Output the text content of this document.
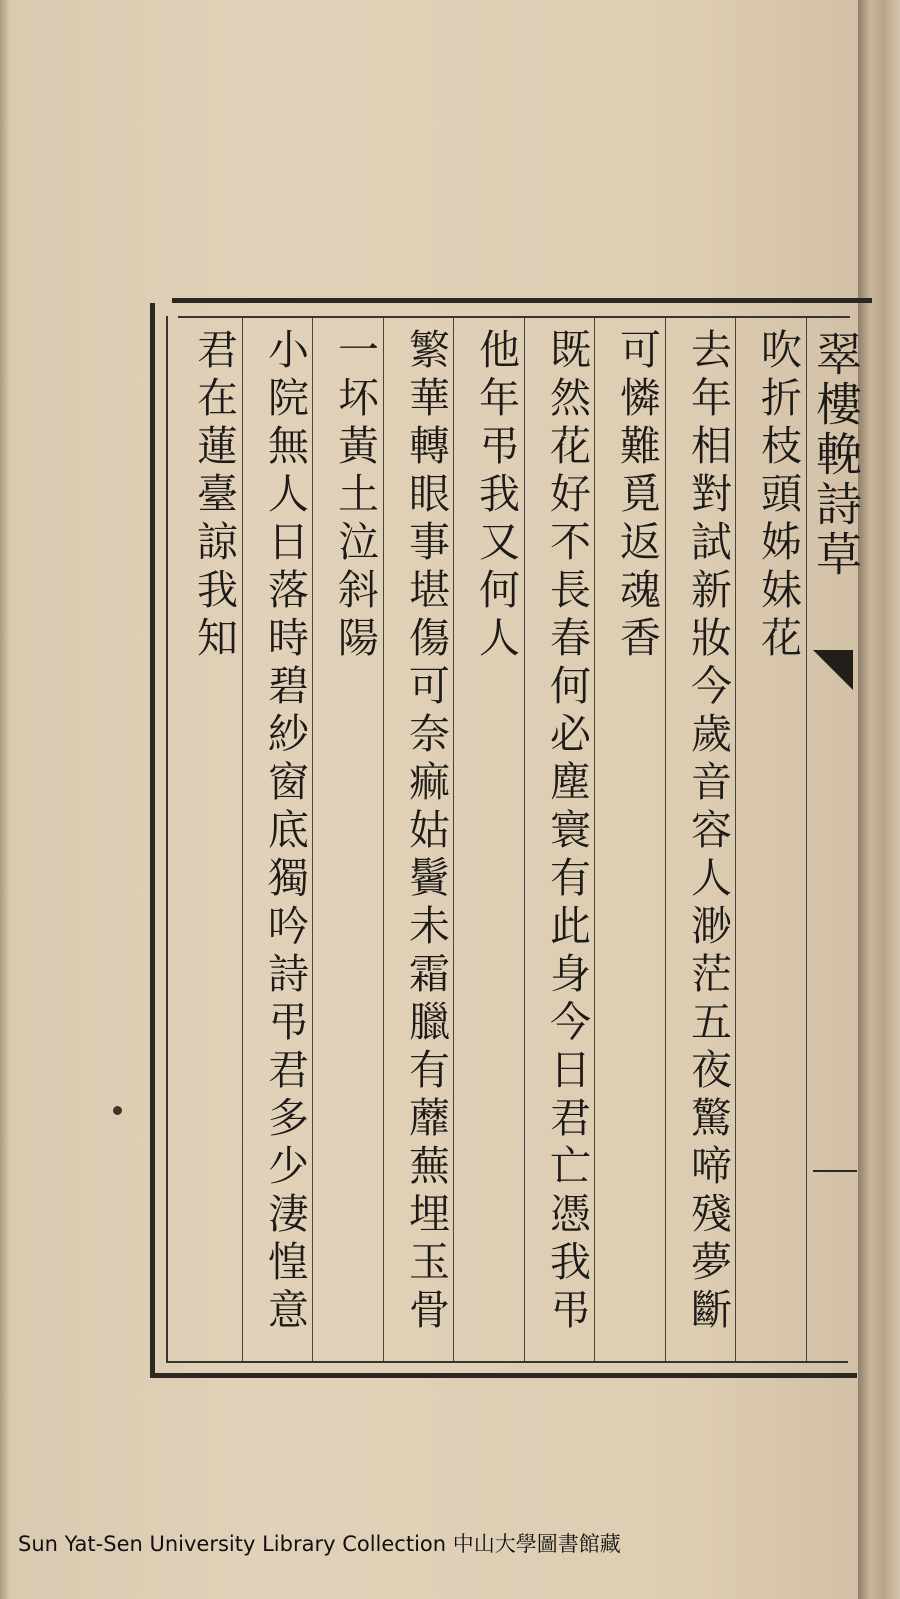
翠樓輓詩草
吹折枝頭姊妹花
去年相對試新妝今歲音容人渺茫五夜驚啼殘夢斷
可憐難覓返魂香
既然花好不長春何必塵寰有此身今日君亡憑我弔
他年弔我又何人
繁華轉眼事堪傷可奈痲姑鬢未霜臘有蘼蕪埋玉骨
一坏黃土泣斜陽
小院無人日落時碧紗窗底獨吟詩弔君多少淒惶意
君在蓮臺諒我知
Sun Yat-Sen University Library Collection 中山大學圖書館藏
